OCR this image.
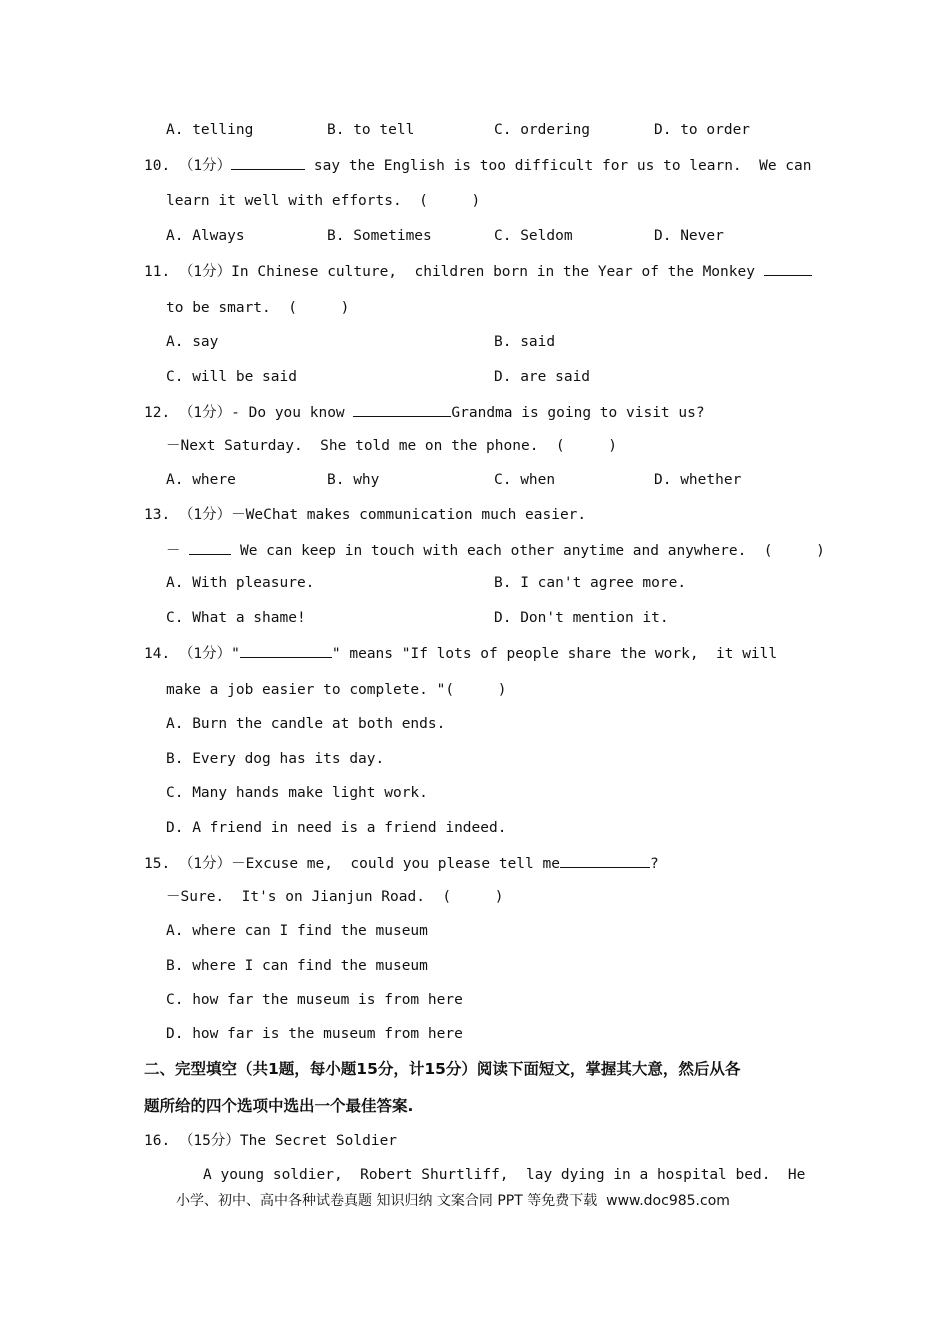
A. telling	B. to tell	C. ordering	D. to order
10. （1分）	say the English is too difficult for us to learn.  We can
learn it well with efforts.  (     )
A. Always	B. Sometimes	C. Seldom	D. Never
11. （1分）In Chinese culture,  children born in the Year of the Monkey
to be smart.  (     )
A. say	B. said
C. will be said	D. are said
12. （1分）- Do you know	Grandma is going to visit us?
－Next Saturday.  She told me on the phone.  (     )
A. where	B. why	C. when	D. whether
13. （1分）－WeChat makes communication much easier.
－	We can keep in touch with each other anytime and anywhere.  (     )
A. With pleasure.	B. I can't agree more.
C. What a shame!	D. Don't mention it.
14. （1分）"	" means "If lots of people share the work,  it will
make a job easier to complete. "(     )
A. Burn the candle at both ends.
B. Every dog has its day.
C. Many hands make light work.
D. A friend in need is a friend indeed.
15. （1分）－Excuse me,  could you please tell me	?
－Sure.  It's on Jianjun Road.  (     )
A. where can I find the museum
B. where I can find the museum
C. how far the museum is from here
D. how far is the museum from here
二、完型填空（共1题，每小题15分，计15分）阅读下面短文，掌握其大意，然后从各
题所给的四个选项中选出一个最佳答案.
16. （15分）The Secret Soldier
A young soldier,  Robert Shurtliff,  lay dying in a hospital bed.  He
小学、初中、高中各种试卷真题 知识归纳 文案合同 PPT 等免费下载 www.doc985.com
